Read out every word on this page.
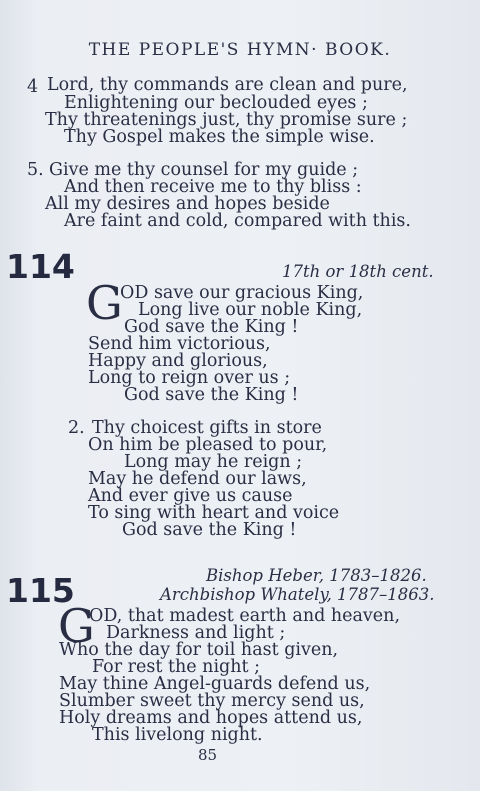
THE PEOPLE'S HYMN· BOOK.
4 Lord, thy commands are clean and pure,
Enlightening our beclouded eyes ;
Thy threatenings just, thy promise sure ;
Thy Gospel makes the simple wise.
5. Give me thy counsel for my guide ;
And then receive me to thy bliss :
All my desires and hopes beside
Are faint and cold, compared with this.
114	17th or 18th cent.
G
OD save our gracious King,
Long live our noble King,
God save the King !
Send him victorious,
Happy and glorious,
Long to reign over us ;
God save the King !
2. Thy choicest gifts in store
On him be pleased to pour,
Long may he reign ;
May he defend our laws,
And ever give us cause
To sing with heart and voice
God save the King !
Bishop Heber, 1783–1826.
115	Archbishop Whately, 1787–1863.
G
OD, that madest earth and heaven,
Darkness and light ;
Who the day for toil hast given,
For rest the night ;
May thine Angel-guards defend us,
Slumber sweet thy mercy send us,
Holy dreams and hopes attend us,
This livelong night.
85
